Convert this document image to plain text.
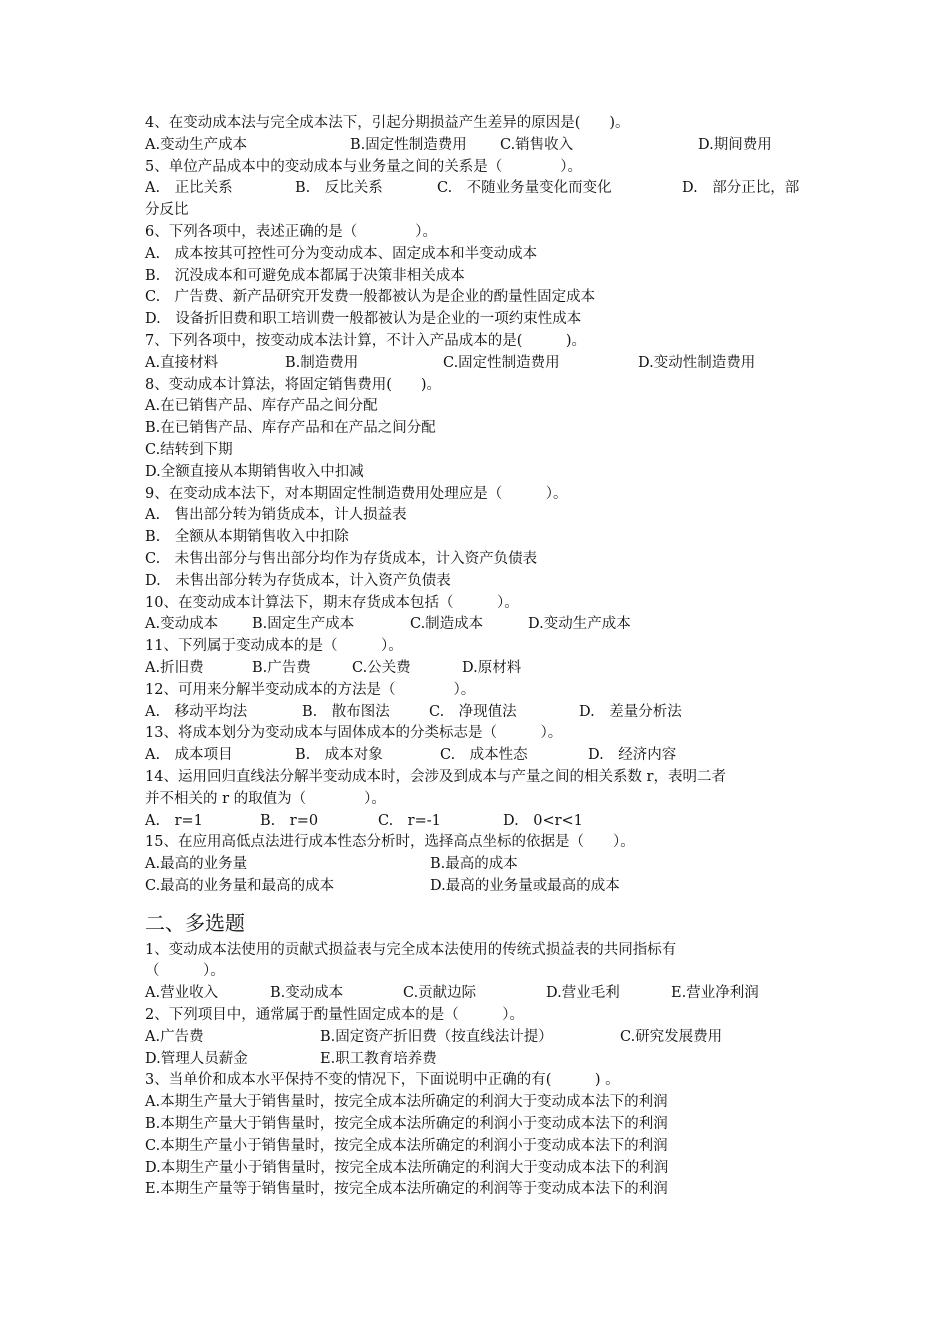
4、在变动成本法与完全成本法下，引起分期损益产生差异的原因是(　　)。
A.变动生产成本	B.固定性制造费用	C.销售收入	D.期间费用
5、单位产品成本中的变动成本与业务量之间的关系是（　　　　）。
A.　正比关系	B.　反比关系	C.　不随业务量变化而变化	D.　部分正比，部
分反比
6、下列各项中，表述正确的是（　　　　）。
A.　成本按其可控性可分为变动成本、固定成本和半变动成本
B.　沉没成本和可避免成本都属于决策非相关成本
C.　广告费、新产品研究开发费一般都被认为是企业的酌量性固定成本
D.　设备折旧费和职工培训费一般都被认为是企业的一项约束性成本
7、下列各项中，按变动成本法计算，不计入产品成本的是(　　　)。
A.直接材料	B.制造费用	C.固定性制造费用	D.变动性制造费用
8、变动成本计算法，将固定销售费用(　　)。
A.在已销售产品、库存产品之间分配
B.在已销售产品、库存产品和在产品之间分配
C.结转到下期
D.全额直接从本期销售收入中扣减
9、在变动成本法下，对本期固定性制造费用处理应是（　　　）。
A.　售出部分转为销货成本，计人损益表
B.　全额从本期销售收入中扣除
C.　未售出部分与售出部分均作为存货成本，计入资产负债表
D.　未售出部分转为存货成本，计入资产负债表
10、在变动成本计算法下，期末存货成本包括（　　　）。
A.变动成本	B.固定生产成本	C.制造成本	D.变动生产成本
11、下列属于变动成本的是（　　　）。
A.折旧费	B.广告费	C.公关费	D.原材料
12、可用来分解半变动成本的方法是（　　　　）。
A.　移动平均法	B.　散布图法	C.　净现值法	D.　差量分析法
13、将成本划分为变动成本与固体成本的分类标志是（　　　）。
A.　成本项目	B.　成本对象	C.　成本性态	D.　经济内容
14、运用回归直线法分解半变动成本时，会涉及到成本与产量之间的相关系数 r，表明二者
并不相关的 r 的取值为（　　　　）。
A.　r=1	B.　r=0	C.　r=-1	D.　0<r<1
15、在应用高低点法进行成本性态分析时，选择高点坐标的依据是（　　）。
A.最高的业务量	B.最高的成本
C.最高的业务量和最高的成本	D.最高的业务量或最高的成本
二、多选题
1、变动成本法使用的贡献式损益表与完全成本法使用的传统式损益表的共同指标有
（　　　）。
A.营业收入	B.变动成本	C.贡献边际	D.营业毛利	E.营业净利润
2、下列项目中，通常属于酌量性固定成本的是（　　　）。
A.广告费	B.固定资产折旧费（按直线法计提）	C.研究发展费用
D.管理人员薪金	E.职工教育培养费
3、当单价和成本水平保持不变的情况下，下面说明中正确的有(　　　) 。
A.本期生产量大于销售量时，按完全成本法所确定的利润大于变动成本法下的利润
B.本期生产量大于销售量时，按完全成本法所确定的利润小于变动成本法下的利润
C.本期生产量小于销售量时，按完全成本法所确定的利润小于变动成本法下的利润
D.本期生产量小于销售量时，按完全成本法所确定的利润大于变动成本法下的利润
E.本期生产量等于销售量时，按完全成本法所确定的利润等于变动成本法下的利润
